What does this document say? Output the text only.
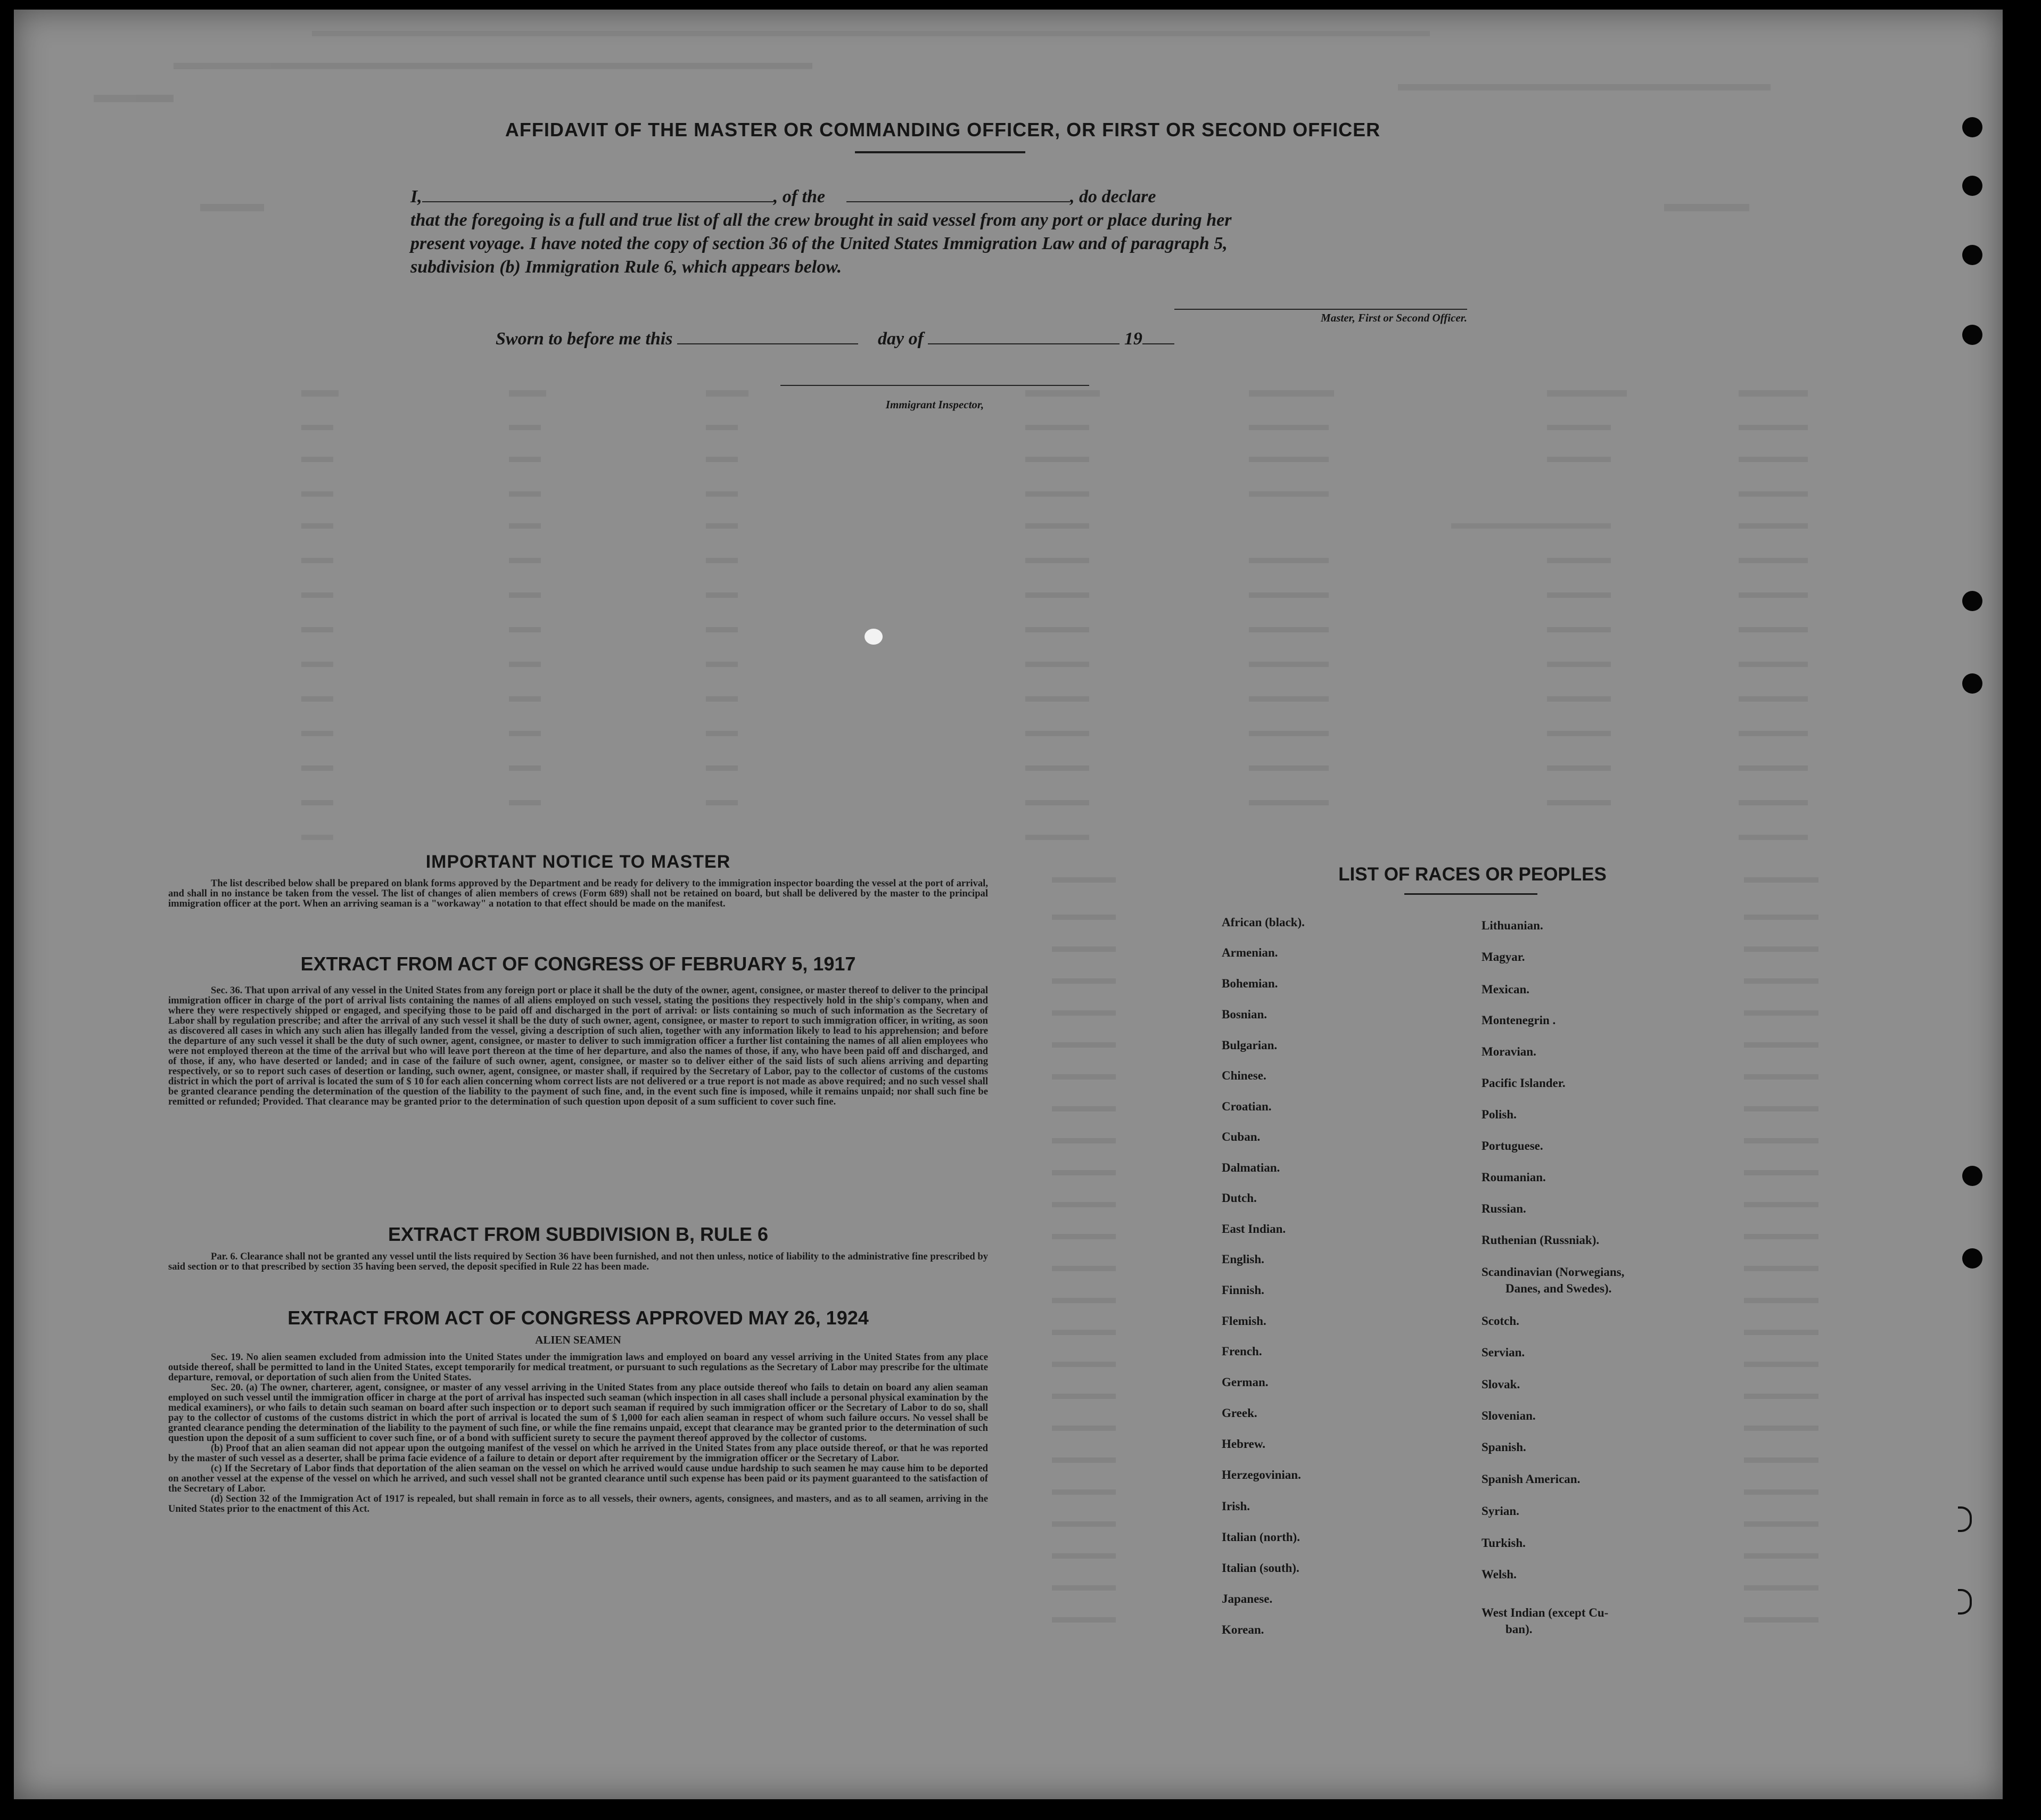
AFFIDAVIT OF THE MASTER OR COMMANDING OFFICER, OR FIRST OR SECOND OFFICER
I,	, of the	, do declare
that the foregoing is a full and true list of all the crew brought in said vessel from any port or place during her
present voyage. I have noted the copy of section 36 of the United States Immigration Law and of paragraph 5,
subdivision (b) Immigration Rule 6, which appears below.
Master, First or Second Officer.
Sworn to before me this	day of	19
Immigrant Inspector,
IMPORTANT NOTICE TO MASTER
The list described below shall be prepared on blank forms approved by the Department and be ready for delivery to the immigration inspector boarding the vessel at the port of arrival, and shall in no instance be taken from the vessel. The list of changes of alien members of crews (Form 689) shall not be retained on board, but shall be delivered by the master to the principal immigration officer at the port. When an arriving seaman is a "workaway" a notation to that effect should be made on the manifest.
EXTRACT FROM ACT OF CONGRESS OF FEBRUARY 5, 1917
Sec. 36. That upon arrival of any vessel in the United States from any foreign port or place it shall be the duty of the owner, agent, consignee, or master thereof to deliver to the principal immigration officer in charge of the port of arrival lists containing the names of all aliens employed on such vessel, stating the positions they respectively hold in the ship's company, when and where they were respectively shipped or engaged, and specifying those to be paid off and discharged in the port of arrival: or lists containing so much of such information as the Secretary of Labor shall by regulation prescribe; and after the arrival of any such vessel it shall be the duty of such owner, agent, consignee, or master to report to such immigration officer, in writing, as soon as discovered all cases in which any such alien has illegally landed from the vessel, giving a description of such alien, together with any information likely to lead to his apprehension; and before the departure of any such vessel it shall be the duty of such owner, agent, consignee, or master to deliver to such immigration officer a further list containing the names of all alien employees who were not employed thereon at the time of the arrival but who will leave port thereon at the time of her departure, and also the names of those, if any, who have been paid off and discharged, and of those, if any, who have deserted or landed; and in case of the failure of such owner, agent, consignee, or master so to deliver either of the said lists of such aliens arriving and departing respectively, or so to report such cases of desertion or landing, such owner, agent, consignee, or master shall, if required by the Secretary of Labor, pay to the collector of customs of the customs district in which the port of arrival is located the sum of $ 10 for each alien concerning whom correct lists are not delivered or a true report is not made as above required; and no such vessel shall be granted clearance pending the determination of the question of the liability to the payment of such fine, and, in the event such fine is imposed, while it remains unpaid; nor shall such fine be remitted or refunded; Provided. That clearance may be granted prior to the determination of such question upon deposit of a sum sufficient to cover such fine.
EXTRACT FROM SUBDIVISION B, RULE 6
Par. 6. Clearance shall not be granted any vessel until the lists required by Section 36 have been furnished, and not then unless, notice of liability to the administrative fine prescribed by said section or to that prescribed by section 35 having been served, the deposit specified in Rule 22 has been made.
EXTRACT FROM ACT OF CONGRESS APPROVED MAY 26, 1924
ALIEN SEAMEN
Sec. 19. No alien seamen excluded from admission into the United States under the immigration laws and employed on board any vessel arriving in the United States from any place outside thereof, shall be permitted to land in the United States, except temporarily for medical treatment, or pursuant to such regulations as the Secretary of Labor may prescribe for the ultimate departure, removal, or deportation of such alien from the United States.
Sec. 20. (a) The owner, charterer, agent, consignee, or master of any vessel arriving in the United States from any place outside thereof who fails to detain on board any alien seaman employed on such vessel until the immigration officer in charge at the port of arrival has inspected such seaman (which inspection in all cases shall include a personal physical examination by the medical examiners), or who fails to detain such seaman on board after such inspection or to deport such seaman if required by such immigration officer or the Secretary of Labor to do so, shall pay to the collector of customs of the customs district in which the port of arrival is located the sum of $ 1,000 for each alien seaman in respect of whom such failure occurs. No vessel shall be granted clearance pending the determination of the liability to the payment of such fine, or while the fine remains unpaid, except that clearance may be granted prior to the determination of such question upon the deposit of a sum sufficient to cover such fine, or of a bond with sufficient surety to secure the payment thereof approved by the collector of customs.
(b) Proof that an alien seaman did not appear upon the outgoing manifest of the vessel on which he arrived in the United States from any place outside thereof, or that he was reported by the master of such vessel as a deserter, shall be prima facie evidence of a failure to detain or deport after requirement by the immigration officer or the Secretary of Labor.
(c) If the Secretary of Labor finds that deportation of the alien seaman on the vessel on which he arrived would cause undue hardship to such seamen he may cause him to be deported on another vessel at the expense of the vessel on which he arrived, and such vessel shall not be granted clearance until such expense has been paid or its payment guaranteed to the satisfaction of the Secretary of Labor.
(d) Section 32 of the Immigration Act of 1917 is repealed, but shall remain in force as to all vessels, their owners, agents, consignees, and masters, and as to all seamen, arriving in the United States prior to the enactment of this Act.
LIST OF RACES OR PEOPLES
African (black).
Armenian.
Bohemian.
Bosnian.
Bulgarian.
Chinese.
Croatian.
Cuban.
Dalmatian.
Dutch.
East Indian.
English.
Finnish.
Flemish.
French.
German.
Greek.
Hebrew.
Herzegovinian.
Irish.
Italian (north).
Italian (south).
Japanese.
Korean.
Lithuanian.
Magyar.
Mexican.
Montenegrin .
Moravian.
Pacific Islander.
Polish.
Portuguese.
Roumanian.
Russian.
Ruthenian (Russniak).
Scandinavian (Norwegians,
Danes, and Swedes).
Scotch.
Servian.
Slovak.
Slovenian.
Spanish.
Spanish American.
Syrian.
Turkish.
Welsh.
West Indian (except Cu-
ban).
